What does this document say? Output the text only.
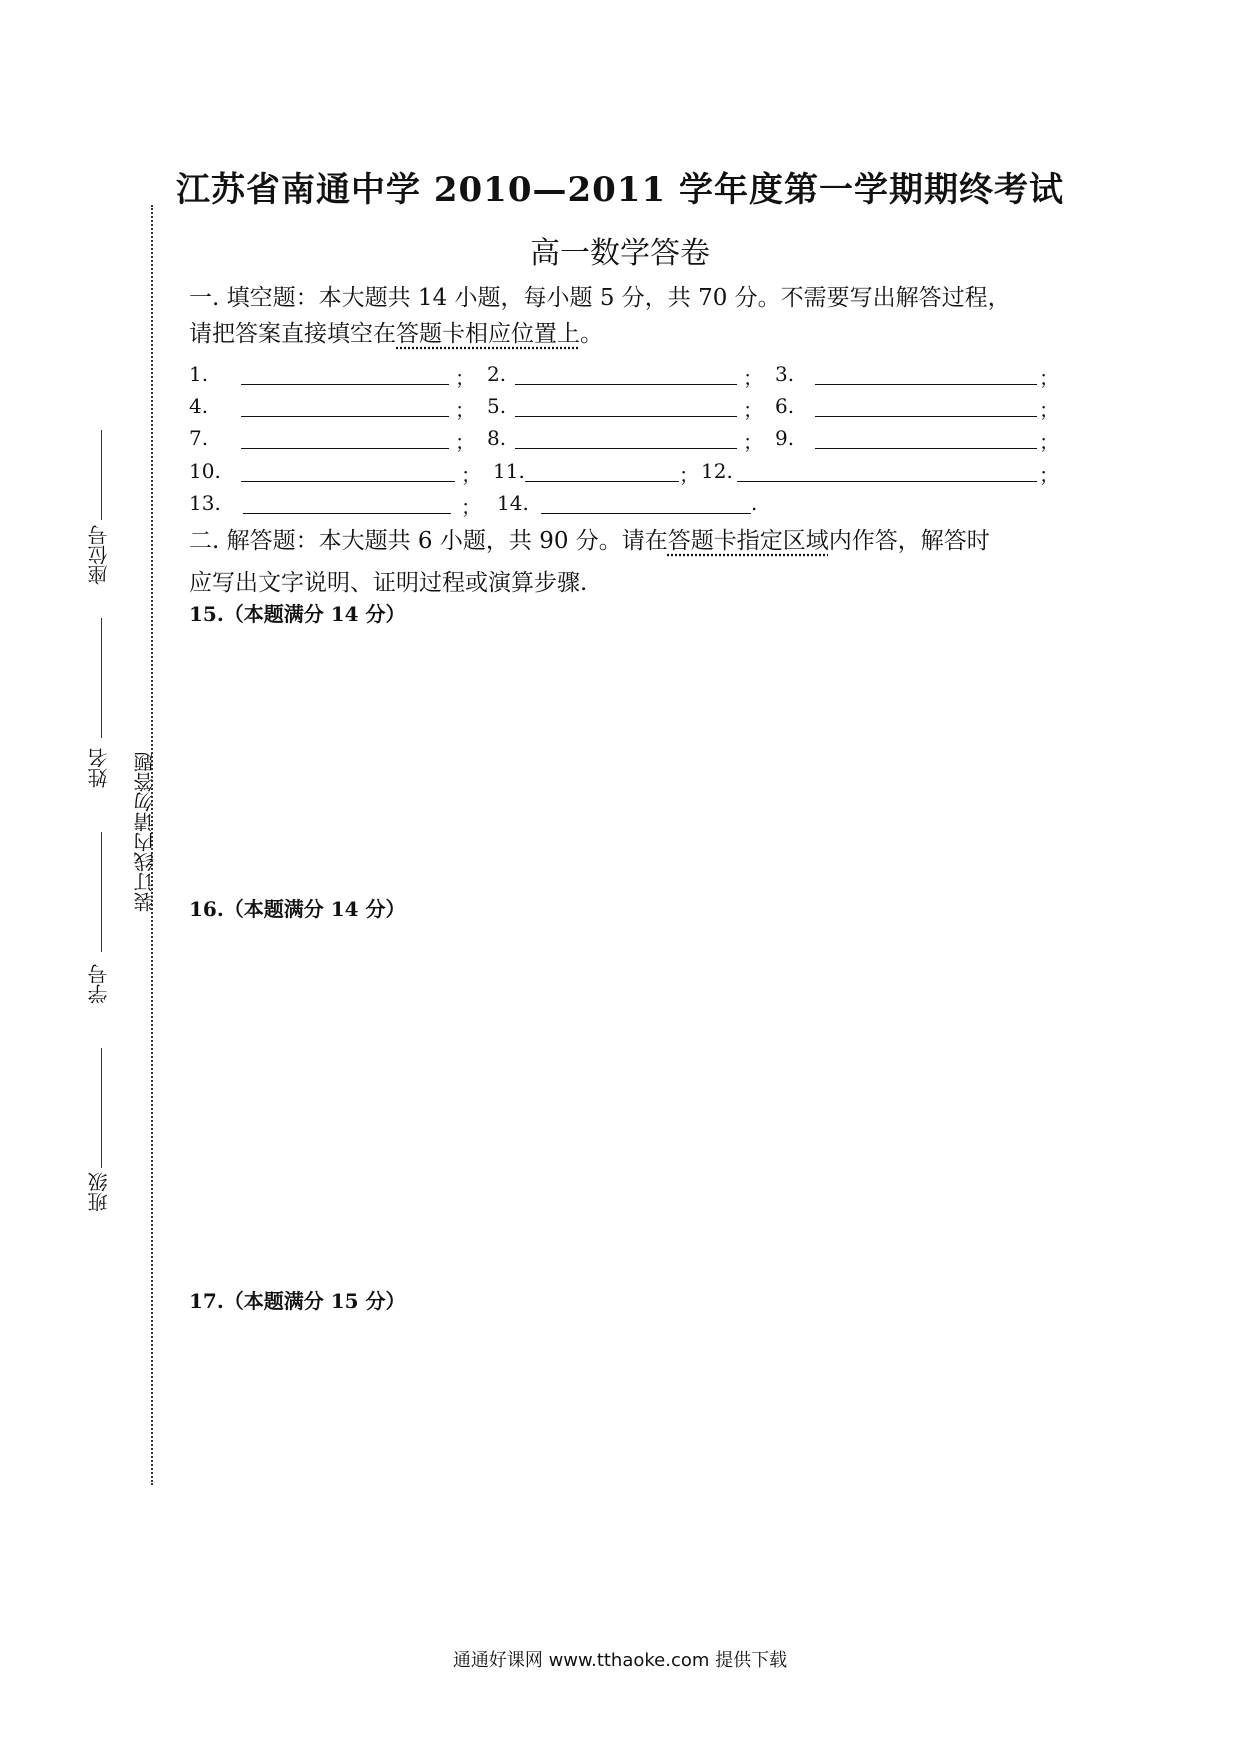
江苏省南通中学 2010—2011 学年度第一学期期终考试
高一数学答卷
一. 填空题：本大题共 14 小题，每小题 5 分，共 70 分。不需要写出解答过程，
请把答案直接填空在答题卡相应位置上。
1.	； 2.	； 3.	；
4.	； 5.	； 6.	；
7.	； 8.	； 9.	；
10.	； 11.	； 12.	；
13.	； 14.	.
二. 解答题：本大题共 6 小题，共 90 分。请在答题卡指定区域内作答，解答时
应写出文字说明、证明过程或演算步骤.
15.（本题满分 14 分）
16.（本题满分 14 分）
17.（本题满分 15 分）
装订线内请勿答题
座位号
姓名
学号
班级
通通好课网 www.tthaoke.com 提供下载
